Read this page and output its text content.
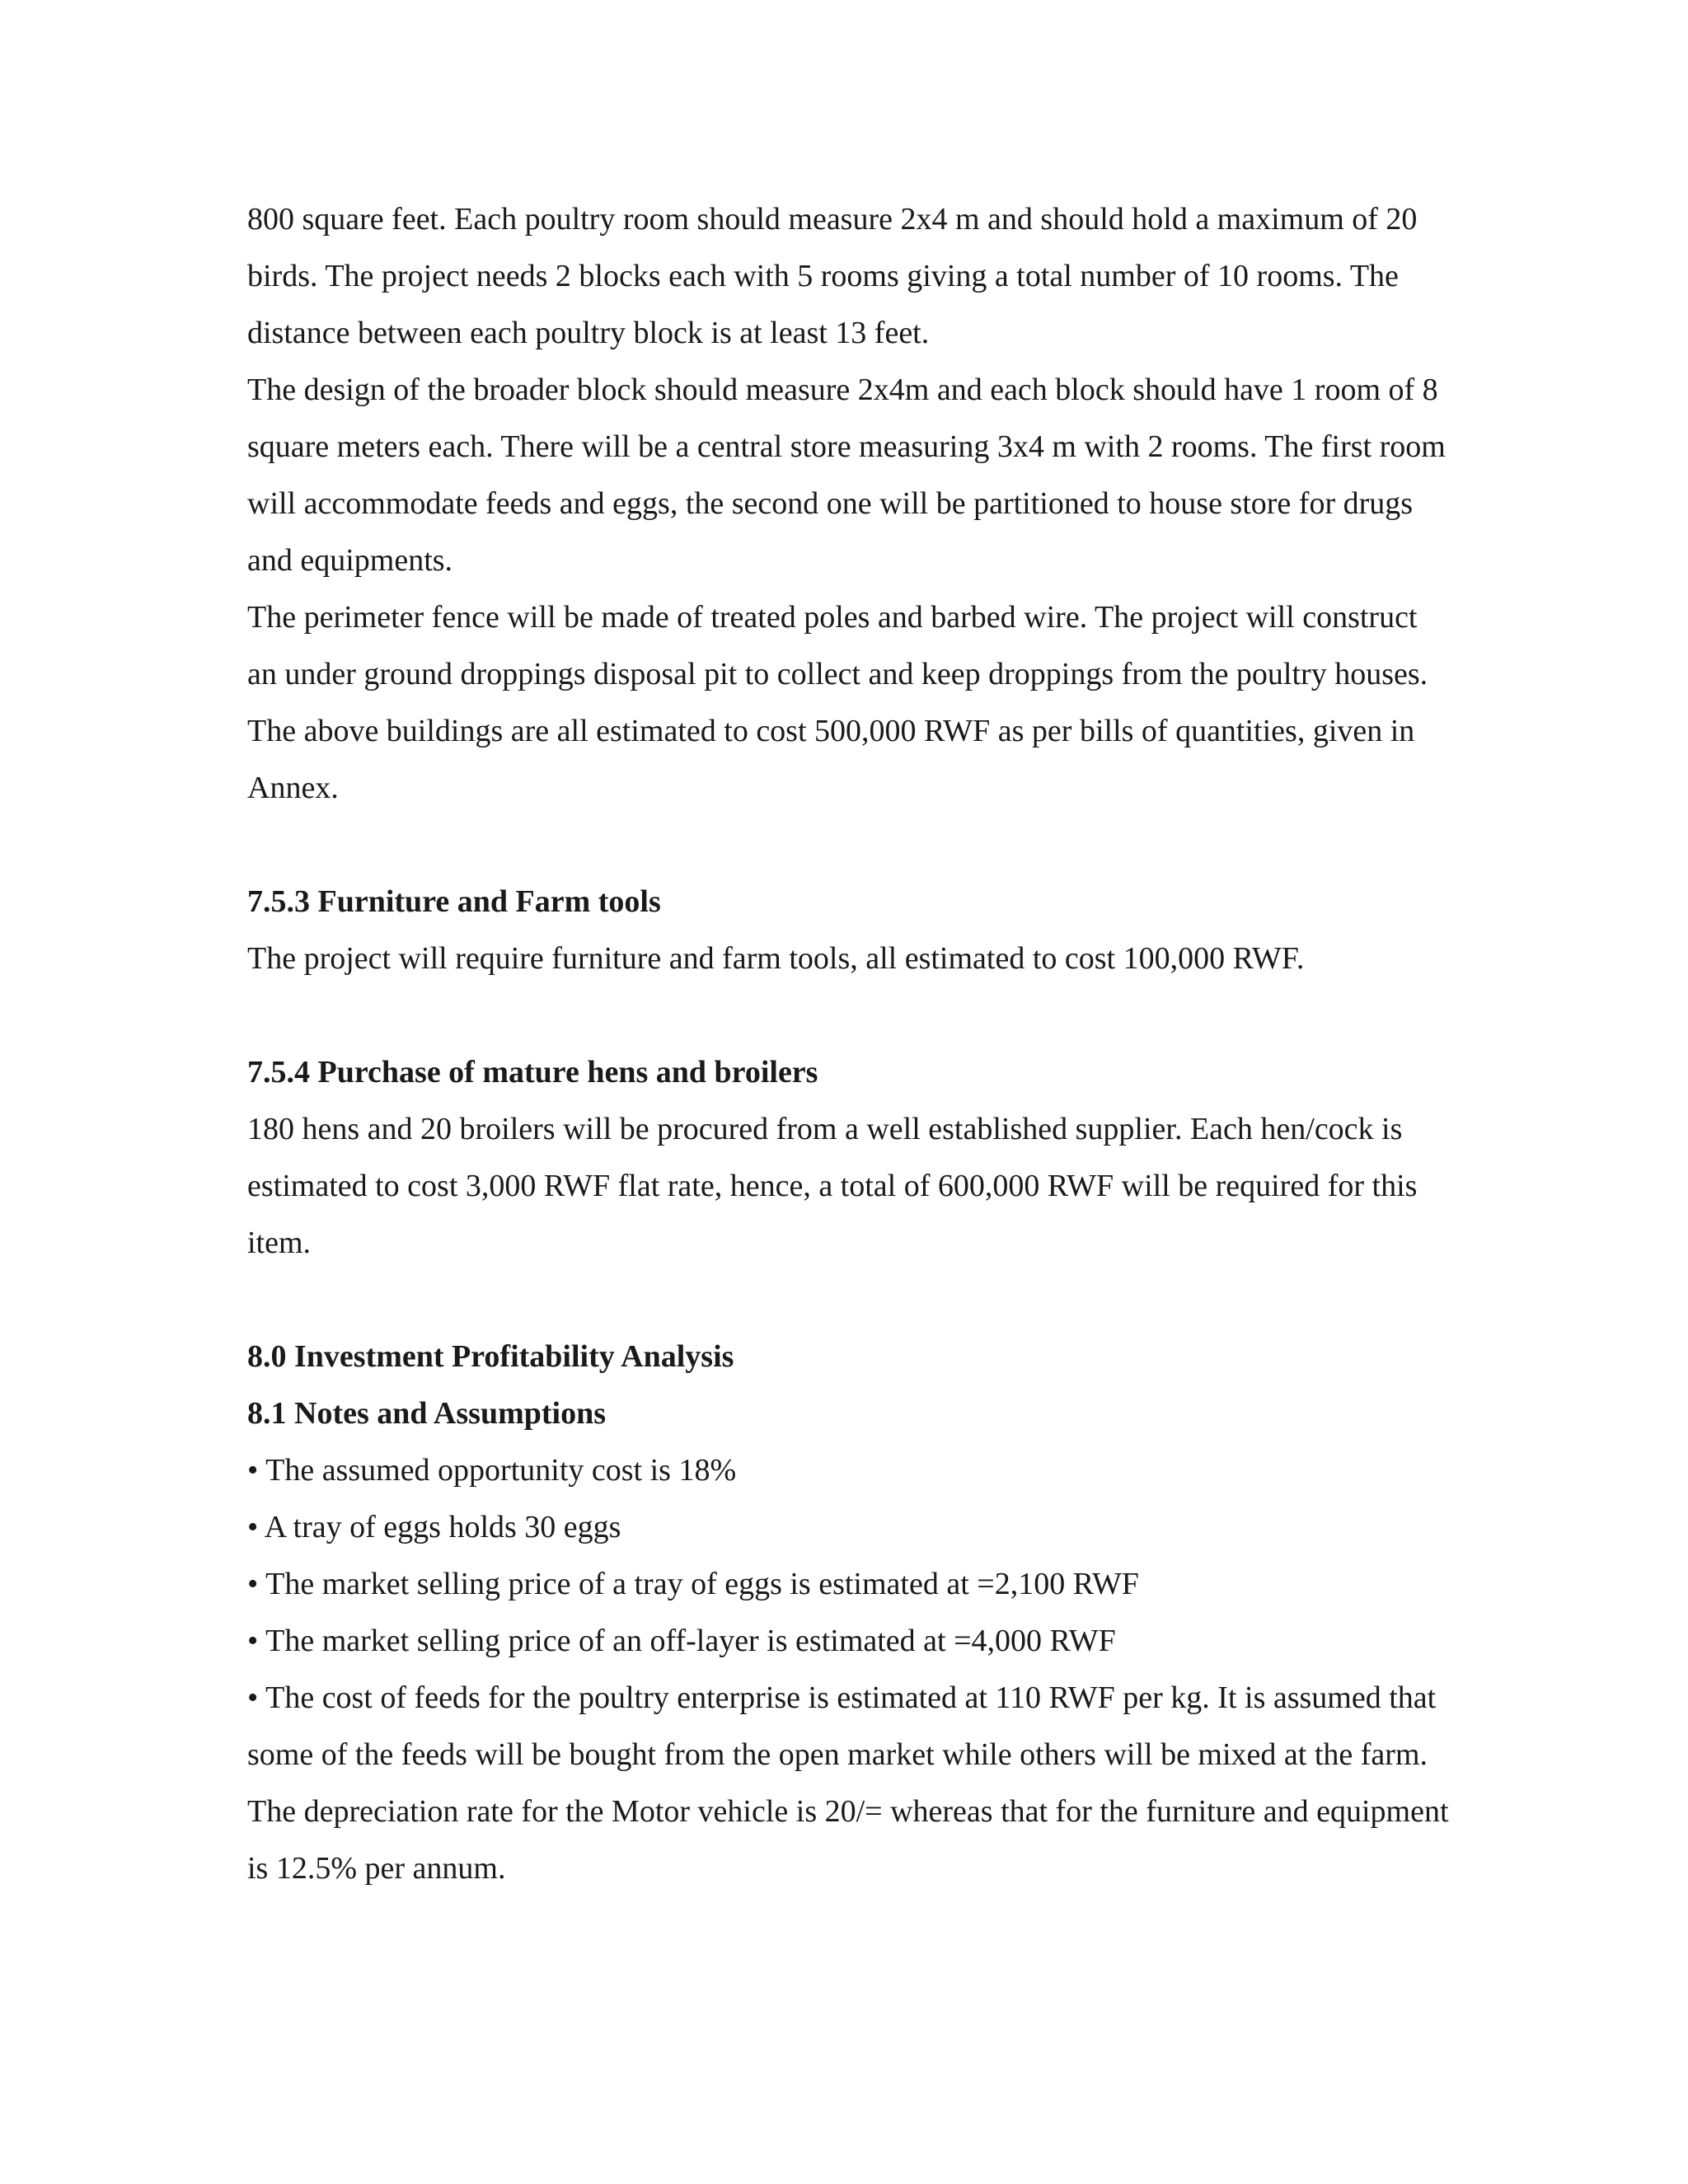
800 square feet. Each poultry room should measure 2x4 m and should hold a maximum of 20 birds. The project needs 2 blocks each with 5 rooms giving a total number of 10 rooms. The distance between each poultry block is at least 13 feet.

The design of the broader block should measure 2x4m and each block should have 1 room of 8 square meters each. There will be a central store measuring 3x4 m with 2 rooms. The first room will accommodate feeds and eggs, the second one will be partitioned to house store for drugs and equipments.

The perimeter fence will be made of treated poles and barbed wire. The project will construct an under ground droppings disposal pit to collect and keep droppings from the poultry houses. The above buildings are all estimated to cost 500,000 RWF as per bills of quantities, given in Annex.

7.5.3 Furniture and Farm tools

The project will require furniture and farm tools, all estimated to cost 100,000 RWF.

7.5.4 Purchase of mature hens and broilers

180 hens and 20 broilers will be procured from a well established supplier. Each hen/cock is estimated to cost 3,000 RWF flat rate, hence, a total of 600,000 RWF will be required for this item.

8.0 Investment Profitability Analysis

8.1 Notes and Assumptions

• The assumed opportunity cost is 18%

• A tray of eggs holds 30 eggs

• The market selling price of a tray of eggs is estimated at =2,100 RWF

• The market selling price of an off-layer is estimated at =4,000 RWF

• The cost of feeds for the poultry enterprise is estimated at 110 RWF per kg. It is assumed that some of the feeds will be bought from the open market while others will be mixed at the farm.

The depreciation rate for the Motor vehicle is 20/= whereas that for the furniture and equipment is 12.5% per annum.
